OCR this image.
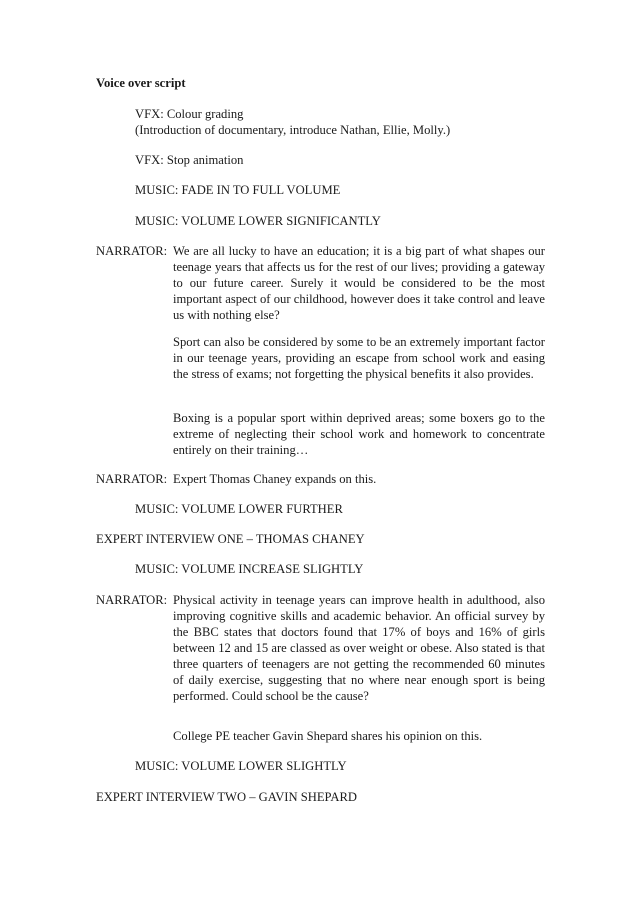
Voice over script
VFX: Colour grading
(Introduction of documentary, introduce Nathan, Ellie, Molly.)
VFX: Stop animation
MUSIC: FADE IN TO FULL VOLUME
MUSIC: VOLUME LOWER SIGNIFICANTLY
NARRATOR: We are all lucky to have an education; it is a big part of what shapes our teenage years that affects us for the rest of our lives; providing a gateway to our future career. Surely it would be considered to be the most important aspect of our childhood, however does it take control and leave us with nothing else?
Sport can also be considered by some to be an extremely important factor in our teenage years, providing an escape from school work and easing the stress of exams; not forgetting the physical benefits it also provides.
Boxing is a popular sport within deprived areas; some boxers go to the extreme of neglecting their school work and homework to concentrate entirely on their training…
NARRATOR: Expert Thomas Chaney expands on this.
MUSIC: VOLUME LOWER FURTHER
EXPERT INTERVIEW ONE – THOMAS CHANEY
MUSIC: VOLUME INCREASE SLIGHTLY
NARRATOR: Physical activity in teenage years can improve health in adulthood, also improving cognitive skills and academic behavior. An official survey by the BBC states that doctors found that 17% of boys and 16% of girls between 12 and 15 are classed as over weight or obese. Also stated is that three quarters of teenagers are not getting the recommended 60 minutes of daily exercise, suggesting that no where near enough sport is being performed. Could school be the cause?
College PE teacher Gavin Shepard shares his opinion on this.
MUSIC: VOLUME LOWER SLIGHTLY
EXPERT INTERVIEW TWO – GAVIN SHEPARD
